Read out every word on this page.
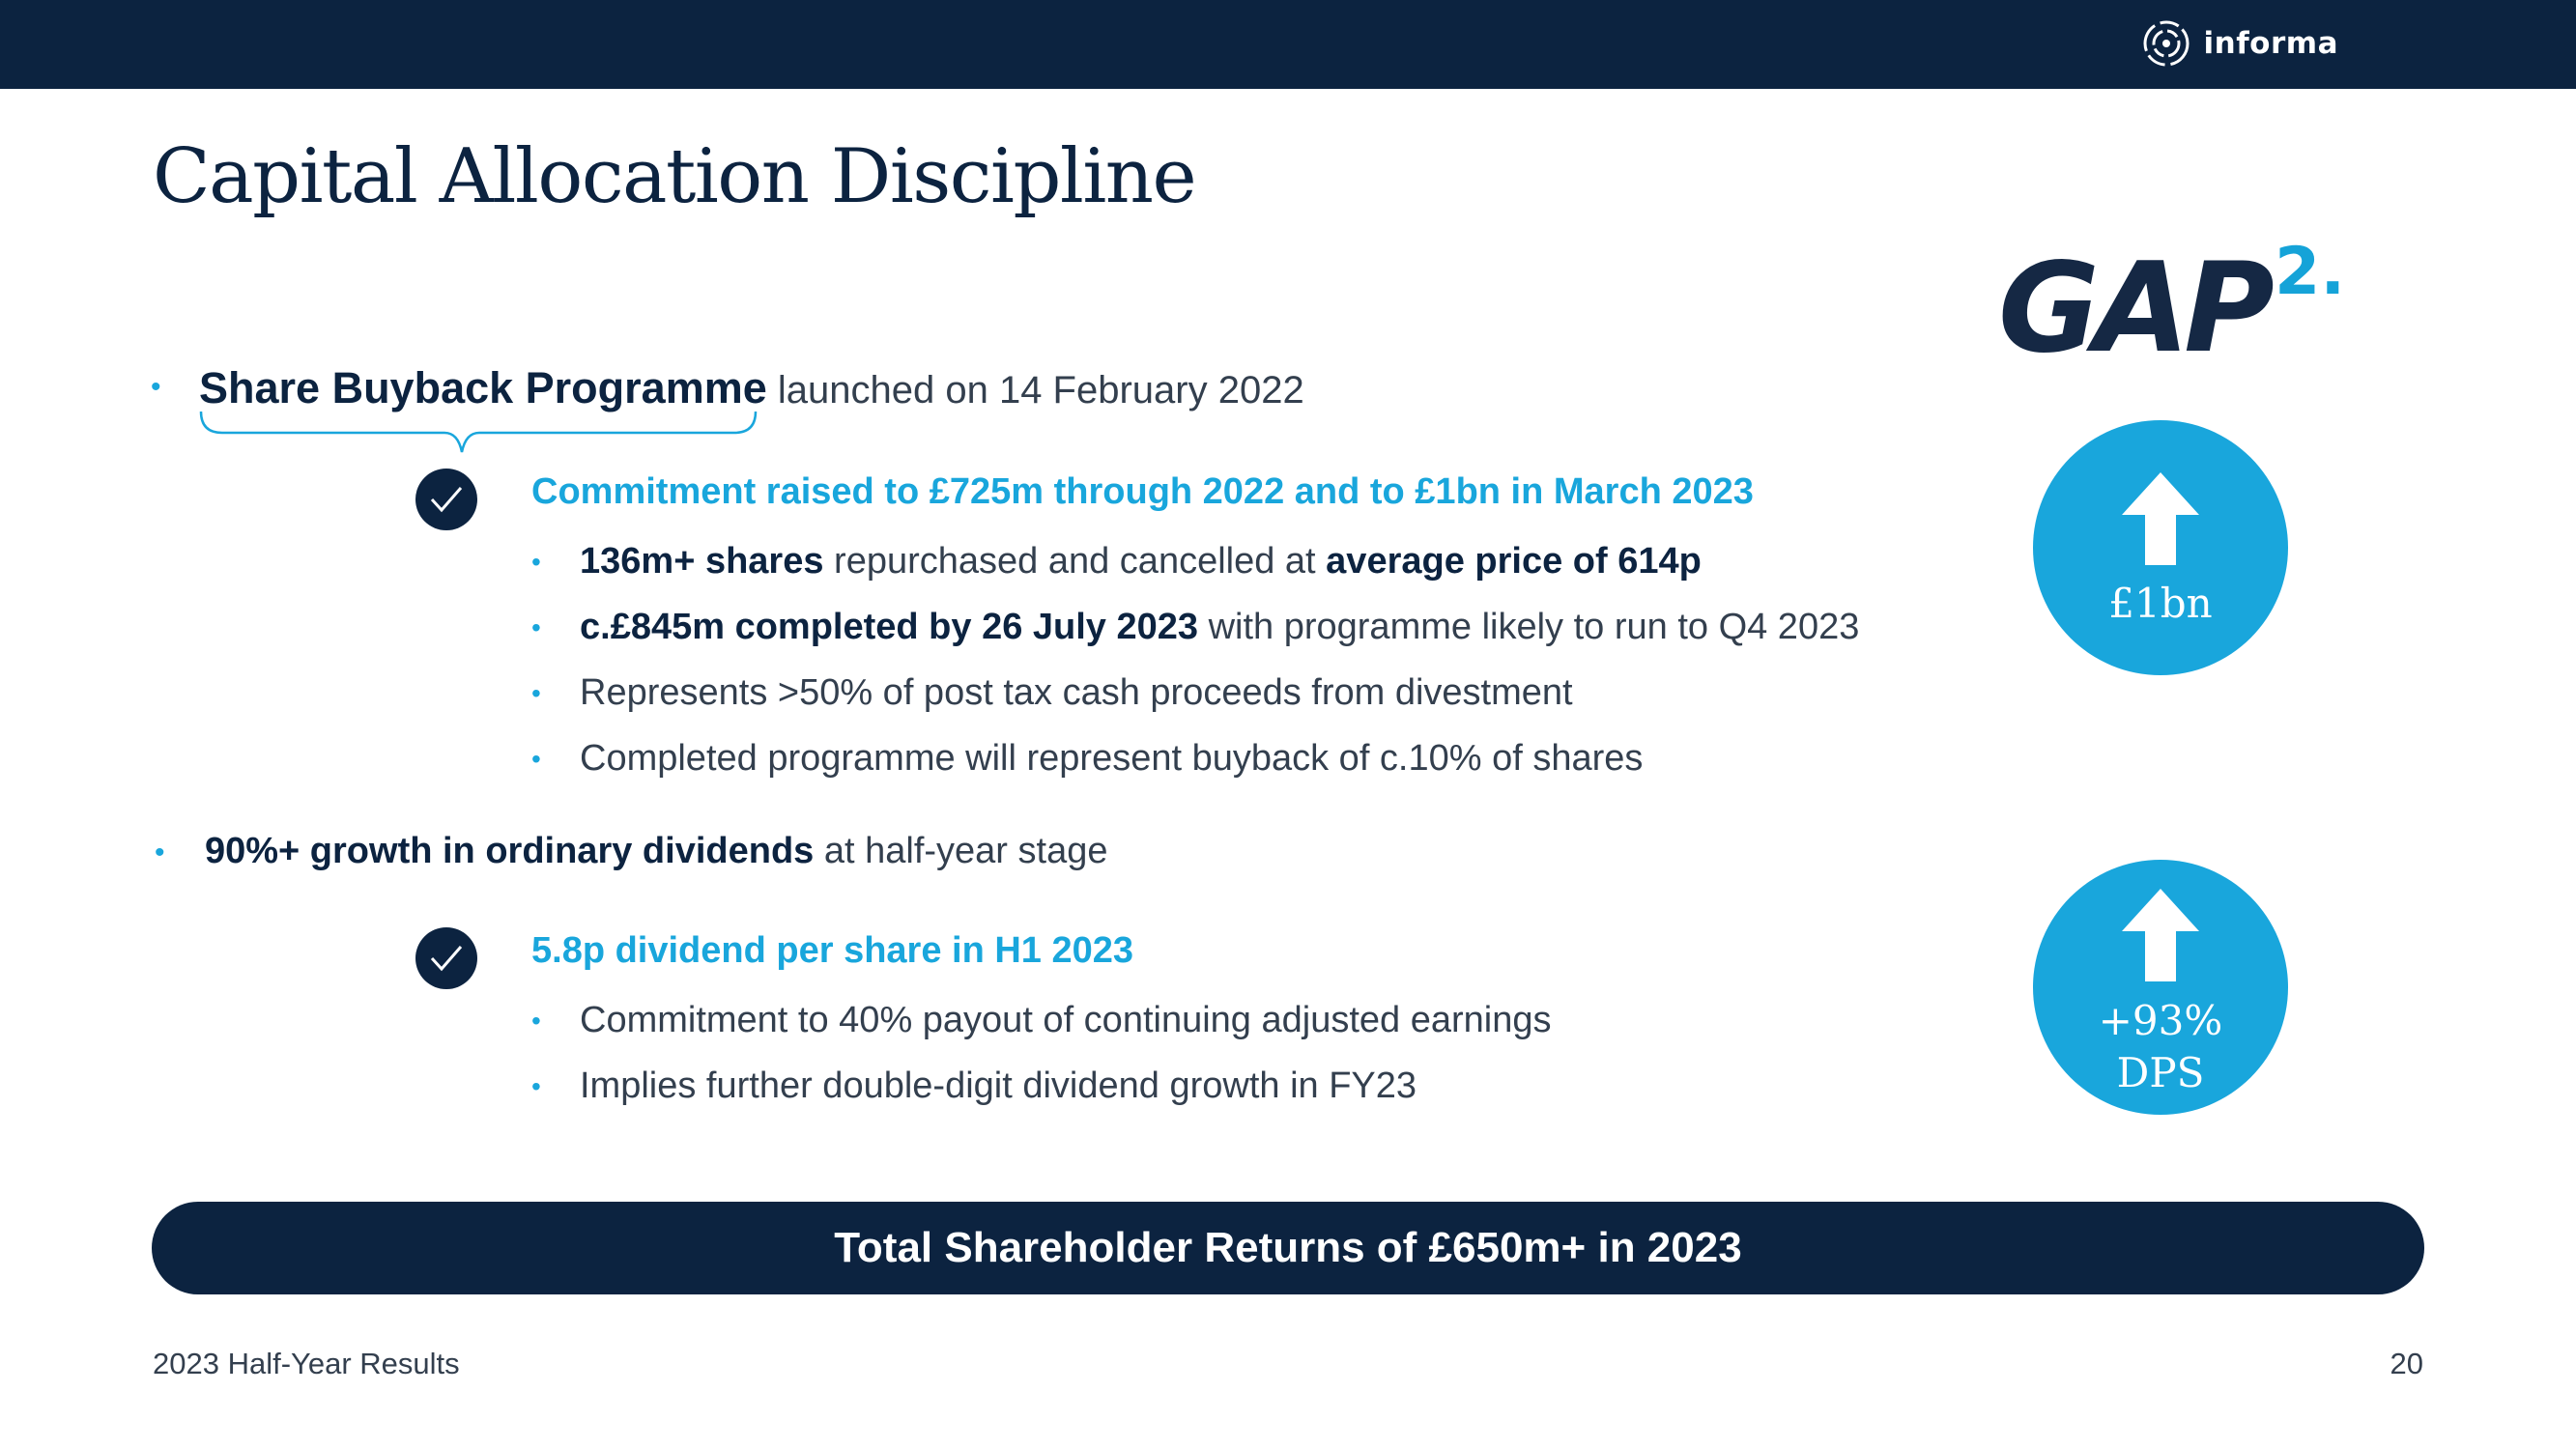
informa
Capital Allocation Discipline
GAP 2.
• Share Buyback Programme launched on 14 February 2022
Commitment raised to £725m through 2022 and to £1bn in March 2023
• 136m+ shares repurchased and cancelled at average price of 614p
• c.£845m completed by 26 July 2023 with programme likely to run to Q4 2023
• Represents >50% of post tax cash proceeds from divestment
• Completed programme will represent buyback of c.10% of shares
• 90%+ growth in ordinary dividends at half-year stage
5.8p dividend per share in H1 2023
• Commitment to 40% payout of continuing adjusted earnings
• Implies further double-digit dividend growth in FY23
£1bn
+93%
DPS
Total Shareholder Returns of £650m+ in 2023
2023 Half-Year Results	20
